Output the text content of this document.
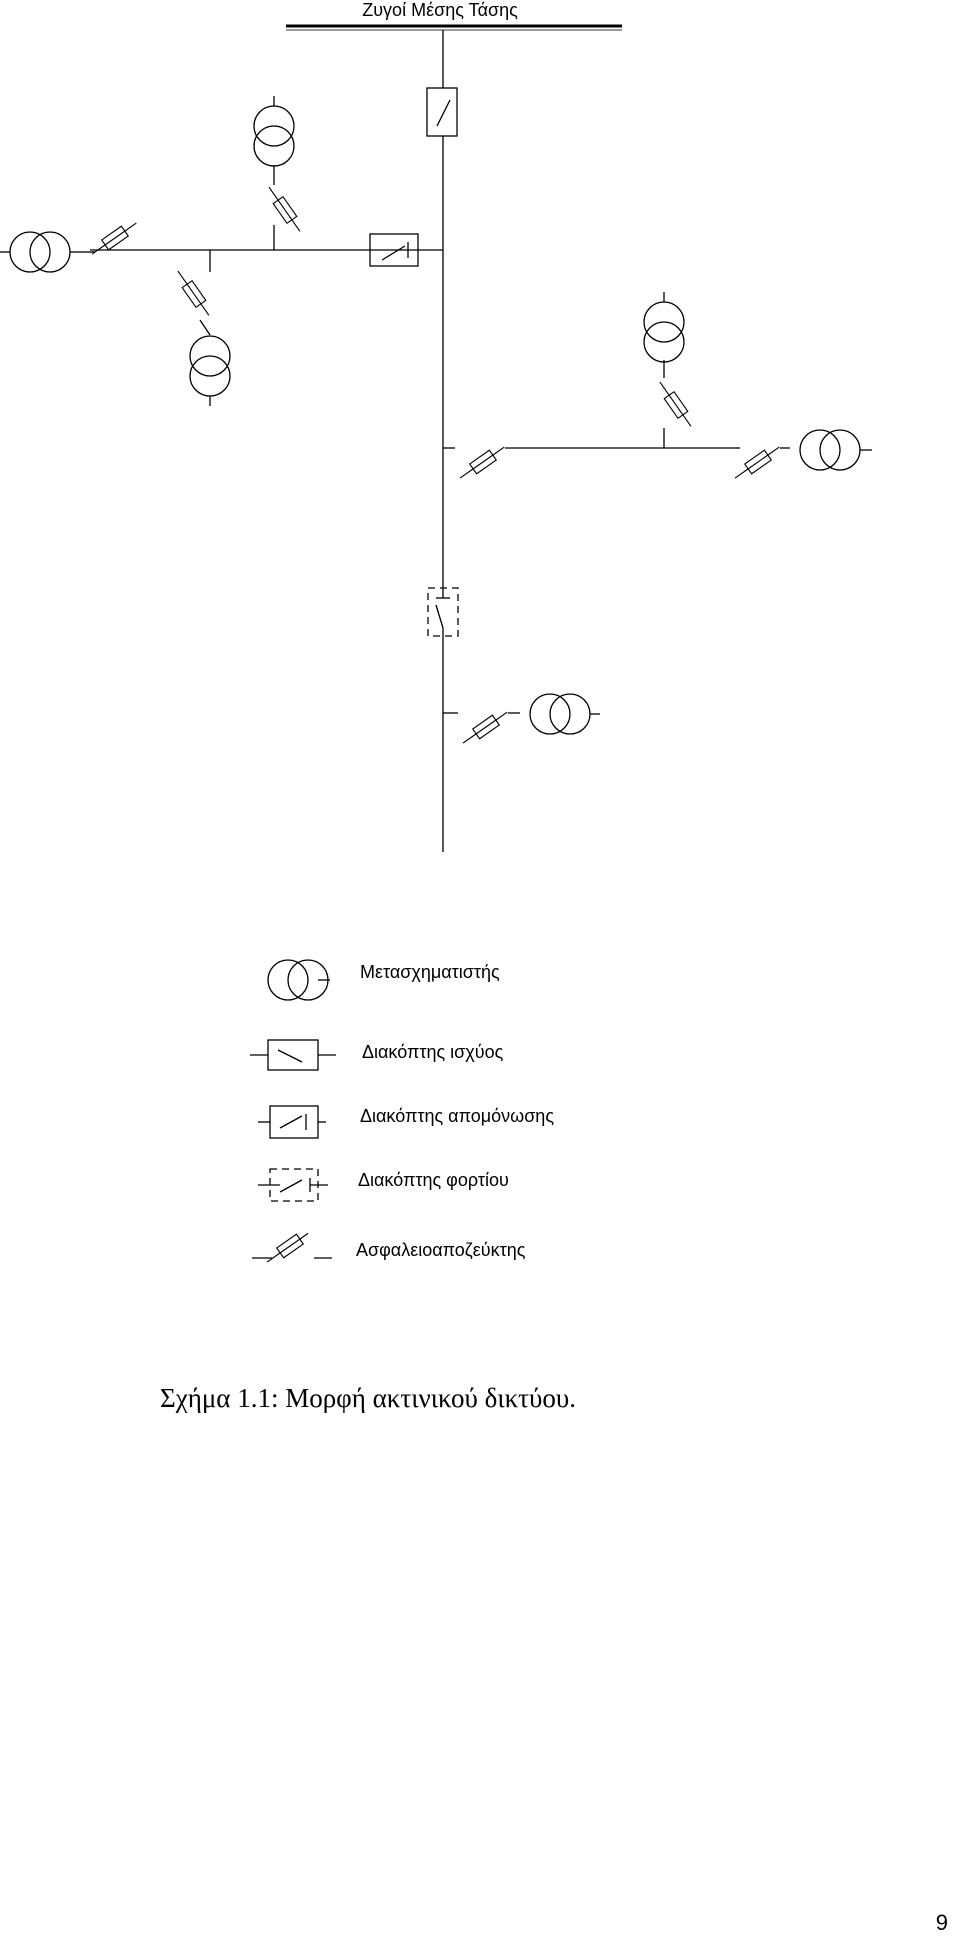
Ζυγοί Μέσης Τάσης
Μετασχηματιστής
Διακόπτης ισχύος
Διακόπτης απομόνωσης
Διακόπτης φορτίου
Ασφαλειοαποζεύκτης
Σχήμα 1.1: Μορφή ακτινικού δικτύου.
9
